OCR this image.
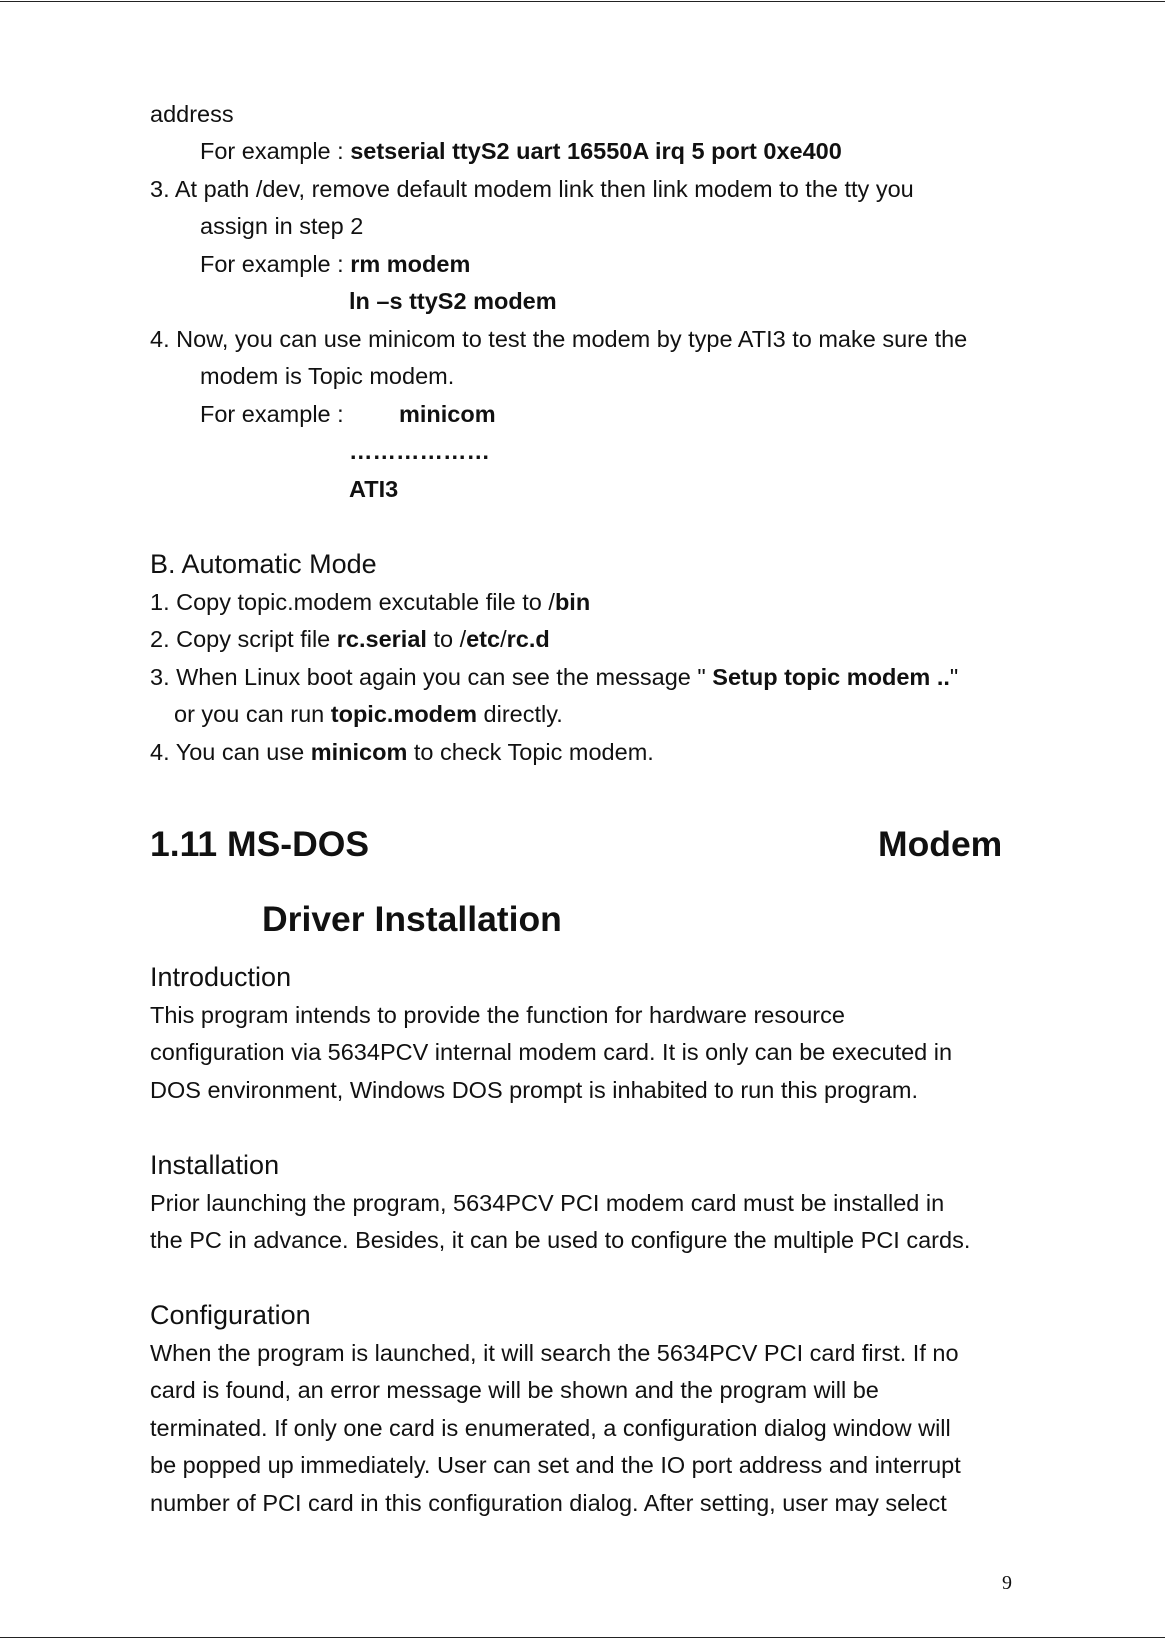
address
For example : setserial ttyS2 uart 16550A irq 5 port 0xe400
3. At path /dev, remove default modem link then link modem to the tty you
assign in step 2
For example : rm modem
ln –s ttyS2 modem
4. Now, you can use minicom to test the modem by type ATI3 to make sure the
modem is Topic modem.
For example : minicom
………………
ATI3
B. Automatic Mode
1. Copy topic.modem excutable file to /bin
2. Copy script file rc.serial to /etc/rc.d
3. When Linux boot again you can see the message " Setup topic modem .."
or you can run topic.modem directly.
4. You can use minicom to check Topic modem.
1.11 MS-DOS	Modem
Driver Installation
Introduction
This program intends to provide the function for hardware resource
configuration via 5634PCV internal modem card. It is only can be executed in
DOS environment, Windows DOS prompt is inhabited to run this program.
Installation
Prior launching the program, 5634PCV PCI modem card must be installed in
the PC in advance. Besides, it can be used to configure the multiple PCI cards.
Configuration
When the program is launched, it will search the 5634PCV PCI card first. If no
card is found, an error message will be shown and the program will be
terminated. If only one card is enumerated, a configuration dialog window will
be popped up immediately. User can set and the IO port address and interrupt
number of PCI card in this configuration dialog. After setting, user may select
9
